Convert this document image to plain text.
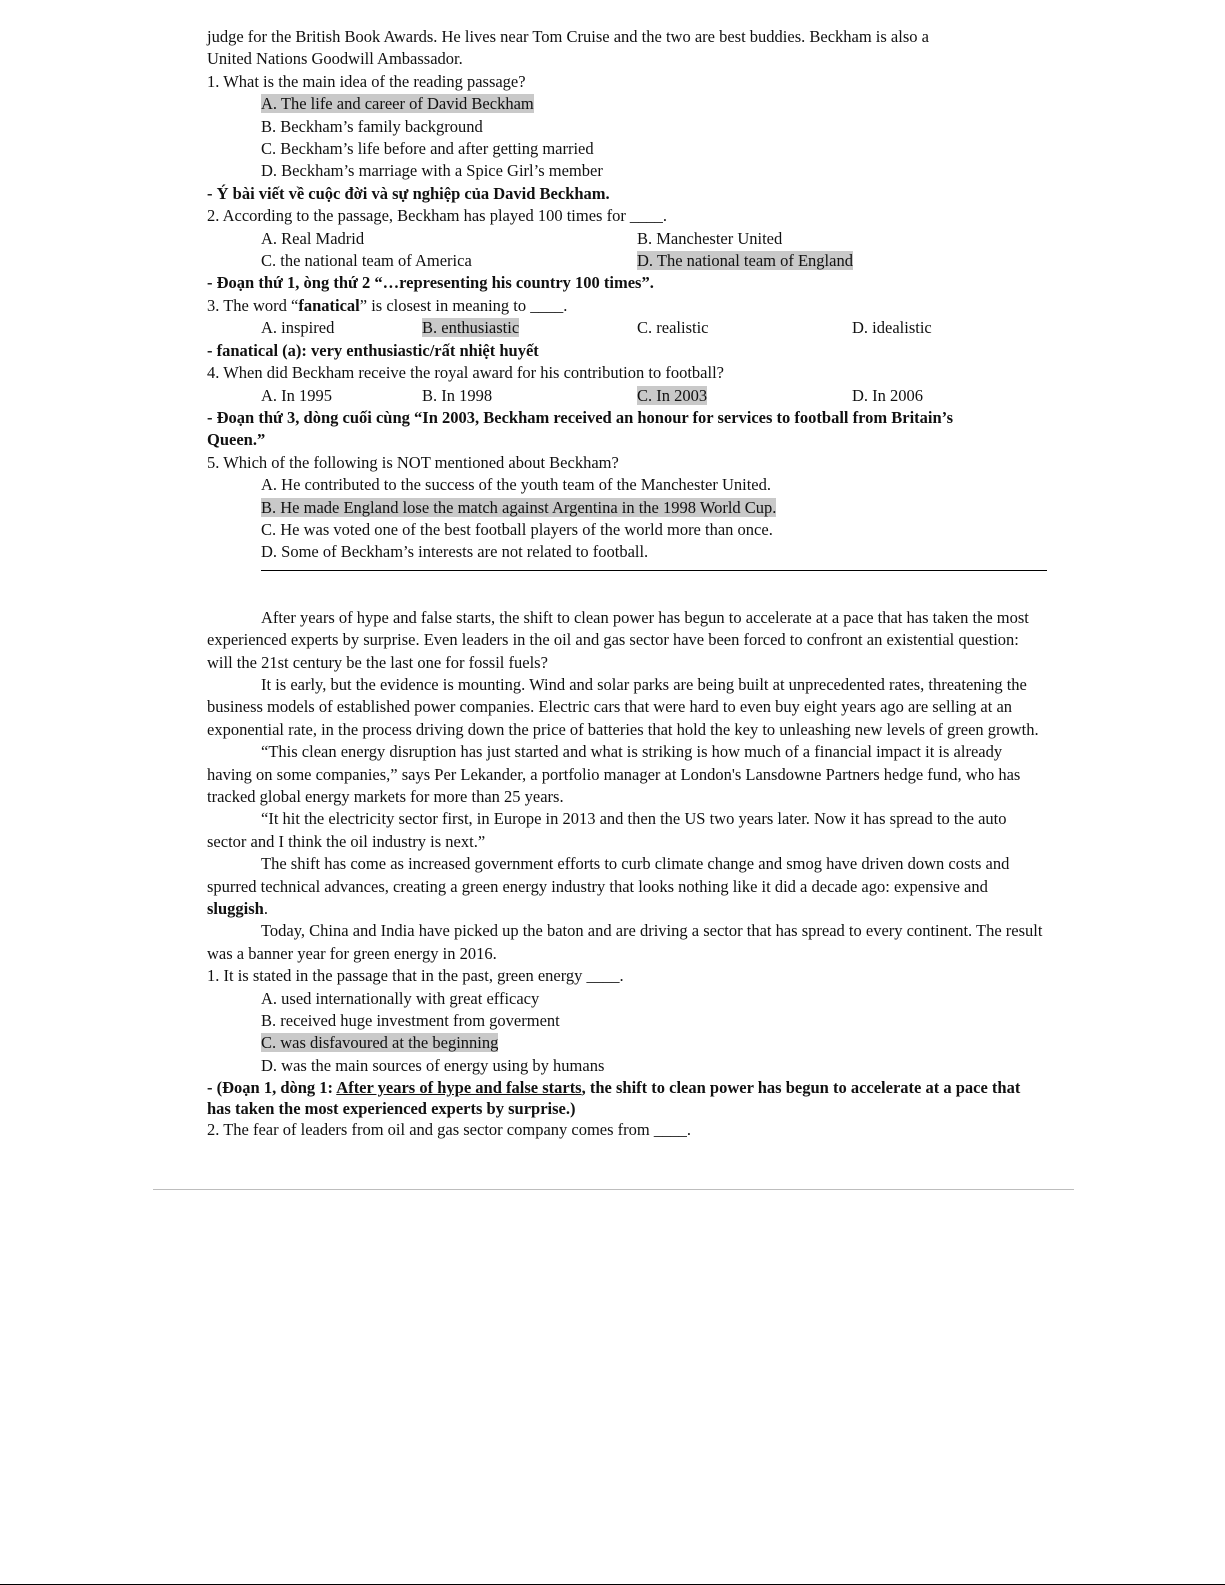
judge for the British Book Awards. He lives near Tom Cruise and the two are best buddies. Beckham is also a
United Nations Goodwill Ambassador.
1. What is the main idea of the reading passage?
A. The life and career of David Beckham
B. Beckham’s family background
C. Beckham’s life before and after getting married
D. Beckham’s marriage with a Spice Girl’s member
- Ý bài viết về cuộc đời và sự nghiệp của David Beckham.
2. According to the passage, Beckham has played 100 times for ____.
A. Real Madrid	B. Manchester United
C. the national team of America	D. The national team of England
- Đoạn thứ 1, òng thứ 2 “…representing his country 100 times”.
3. The word “fanatical” is closest in meaning to ____.
A. inspired	B. enthusiastic	C. realistic	D. idealistic
- fanatical (a): very enthusiastic/rất nhiệt huyết
4. When did Beckham receive the royal award for his contribution to football?
A. In 1995	B. In 1998	C. In 2003	D. In 2006
- Đoạn thứ 3, dòng cuối cùng “In 2003, Beckham received an honour for services to football from Britain’s
Queen.”
5. Which of the following is NOT mentioned about Beckham?
A. He contributed to the success of the youth team of the Manchester United.
B. He made England lose the match against Argentina in the 1998 World Cup.
C. He was voted one of the best football players of the world more than once.
D. Some of Beckham’s interests are not related to football.
After years of hype and false starts, the shift to clean power has begun to accelerate at a pace that has taken the most experienced experts by surprise. Even leaders in the oil and gas sector have been forced to confront an existential question: will the 21st century be the last one for fossil fuels?
It is early, but the evidence is mounting. Wind and solar parks are being built at unprecedented rates, threatening the business models of established power companies. Electric cars that were hard to even buy eight years ago are selling at an exponential rate, in the process driving down the price of batteries that hold the key to unleashing new levels of green growth.
“This clean energy disruption has just started and what is striking is how much of a financial impact it is already having on some companies,” says Per Lekander, a portfolio manager at London's Lansdowne Partners hedge fund, who has tracked global energy markets for more than 25 years.
“It hit the electricity sector first, in Europe in 2013 and then the US two years later. Now it has spread to the auto sector and I think the oil industry is next.”
The shift has come as increased government efforts to curb climate change and smog have driven down costs and spurred technical advances, creating a green energy industry that looks nothing like it did a decade ago: expensive and sluggish.
Today, China and India have picked up the baton and are driving a sector that has spread to every continent. The result was a banner year for green energy in 2016.
1. It is stated in the passage that in the past, green energy ____.
A. used internationally with great efficacy
B. received huge investment from goverment
C. was disfavoured at the beginning
D. was the main sources of energy using by humans
- (Đoạn 1, dòng 1: After years of hype and false starts, the shift to clean power has begun to accelerate at a pace that has taken the most experienced experts by surprise.)
2. The fear of leaders from oil and gas sector company comes from ____.
